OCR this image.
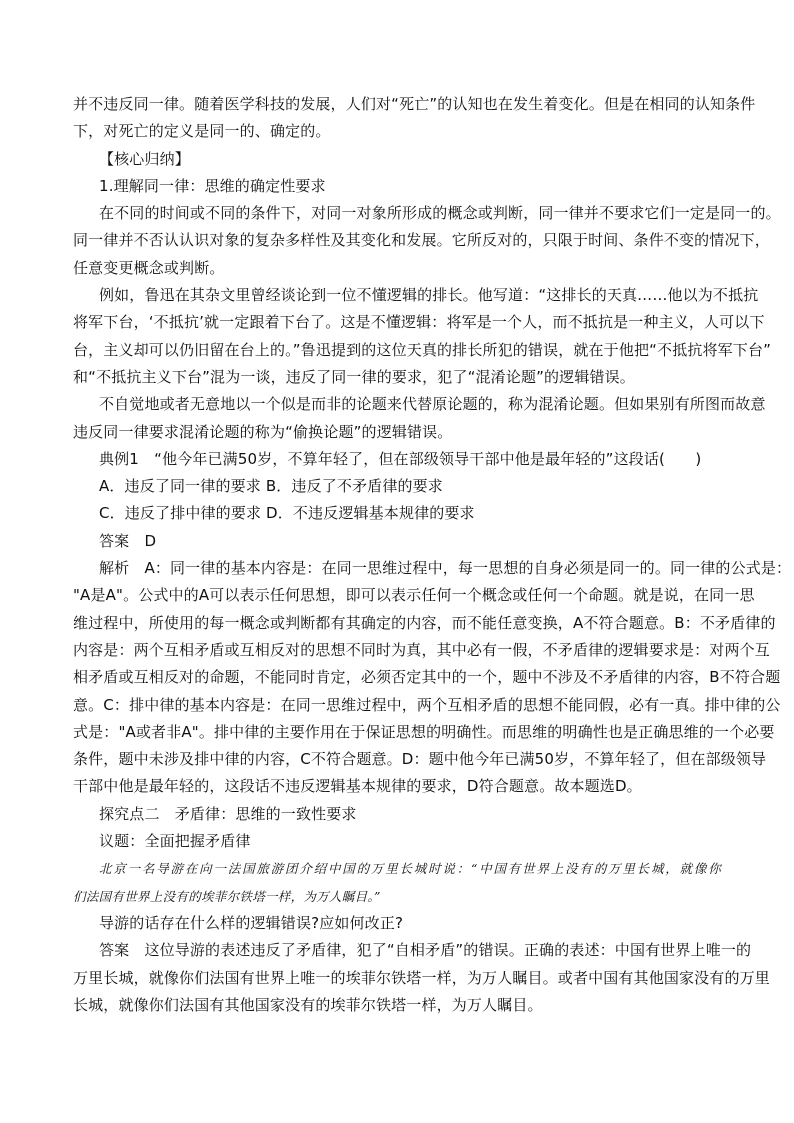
并不违反同一律。随着医学科技的发展，人们对“死亡”的认知也在发生着变化。但是在相同的认知条件
下，对死亡的定义是同一的、确定的。
【核心归纳】
1.理解同一律：思维的确定性要求
在不同的时间或不同的条件下，对同一对象所形成的概念或判断，同一律并不要求它们一定是同一的。
同一律并不否认认识对象的复杂多样性及其变化和发展。它所反对的，只限于时间、条件不变的情况下，
任意变更概念或判断。
例如，鲁迅在其杂文里曾经谈论到一位不懂逻辑的排长。他写道：“这排长的天真……他以为不抵抗
将军下台，‘不抵抗’就一定跟着下台了。这是不懂逻辑：将军是一个人，而不抵抗是一种主义，人可以下
台，主义却可以仍旧留在台上的。”鲁迅提到的这位天真的排长所犯的错误，就在于他把“不抵抗将军下台”
和“不抵抗主义下台”混为一谈，违反了同一律的要求，犯了“混淆论题”的逻辑错误。
不自觉地或者无意地以一个似是而非的论题来代替原论题的，称为混淆论题。但如果别有所图而故意
违反同一律要求混淆论题的称为“偷换论题”的逻辑错误。
典例1　“他今年已满50岁，不算年轻了，但在部级领导干部中他是最年轻的”这段话(　　)
A．违反了同一律的要求 B．违反了不矛盾律的要求
C．违反了排中律的要求 D．不违反逻辑基本规律的要求
答案　D
解析　A：同一律的基本内容是：在同一思维过程中，每一思想的自身必须是同一的。同一律的公式是：
"A是A"。公式中的A可以表示任何思想，即可以表示任何一个概念或任何一个命题。就是说，在同一思
维过程中，所使用的每一概念或判断都有其确定的内容，而不能任意变换，A不符合题意。B：不矛盾律的
内容是：两个互相矛盾或互相反对的思想不同时为真，其中必有一假，不矛盾律的逻辑要求是：对两个互
相矛盾或互相反对的命题，不能同时肯定，必须否定其中的一个，题中不涉及不矛盾律的内容，B不符合题
意。C：排中律的基本内容是：在同一思维过程中，两个互相矛盾的思想不能同假，必有一真。排中律的公
式是："A或者非A"。排中律的主要作用在于保证思想的明确性。而思维的明确性也是正确思维的一个必要
条件，题中未涉及排中律的内容，C不符合题意。D：题中他今年已满50岁，不算年轻了，但在部级领导
干部中他是最年轻的，这段话不违反逻辑基本规律的要求，D符合题意。故本题选D。
探究点二　矛盾律：思维的一致性要求
议题：全面把握矛盾律
北京一名导游在向一法国旅游团介绍中国的万里长城时说：“中国有世界上没有的万里长城，就像你
们法国有世界上没有的埃菲尔铁塔一样，为万人瞩目。”
导游的话存在什么样的逻辑错误?应如何改正?
答案　这位导游的表述违反了矛盾律，犯了“自相矛盾”的错误。正确的表述：中国有世界上唯一的
万里长城，就像你们法国有世界上唯一的埃菲尔铁塔一样，为万人瞩目。或者中国有其他国家没有的万里
长城，就像你们法国有其他国家没有的埃菲尔铁塔一样，为万人瞩目。
